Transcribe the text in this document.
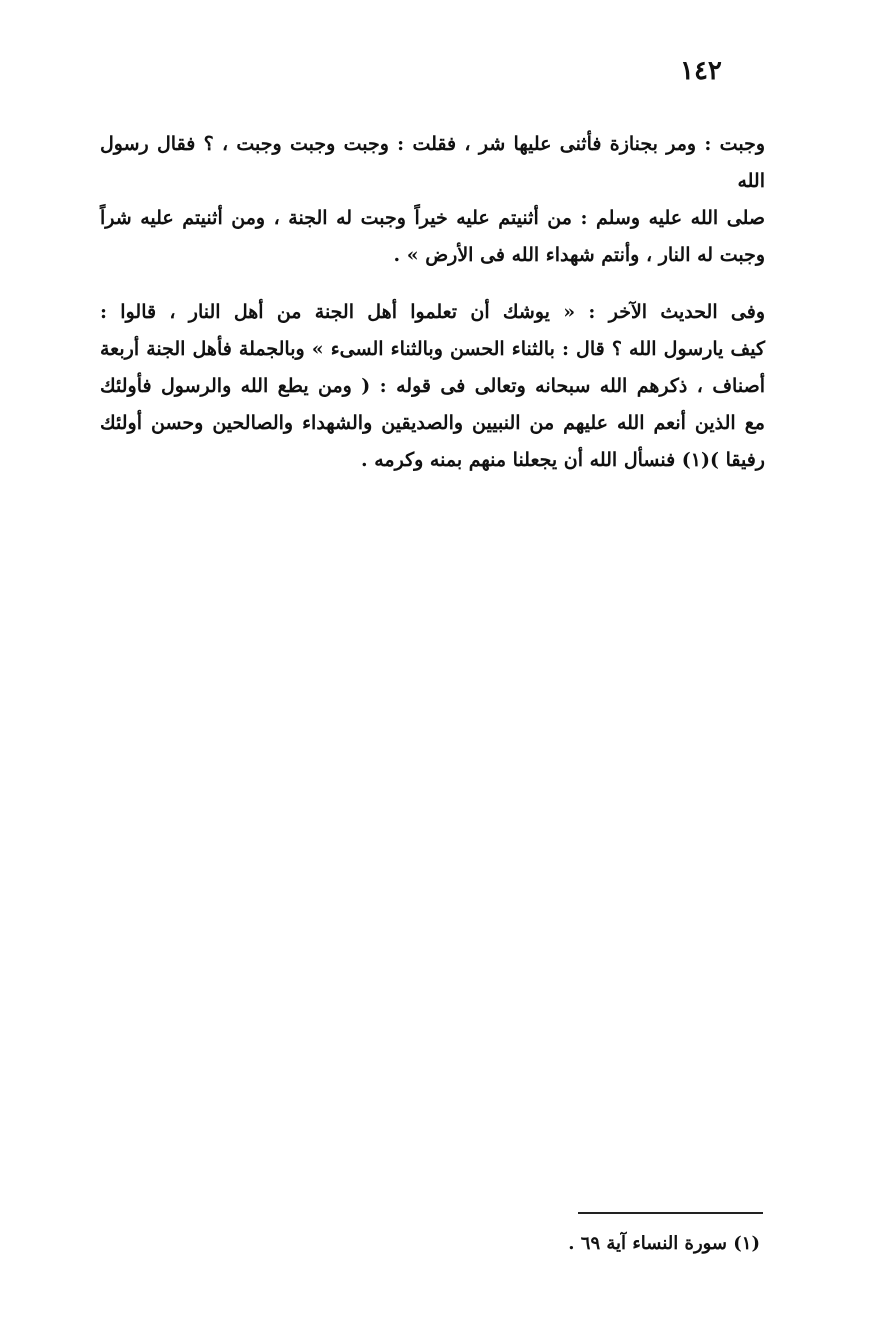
١٤٢

وجبت : ومر بجنازة فأثنى عليها شر ، فقلت : وجبت وجبت وجبت ، ؟ فقال رسول الله
صلى الله عليه وسلم : من أثنيتم عليه خيراً وجبت له الجنة ، ومن أثنيتم عليه شراً
وجبت له النار ، وأنتم شهداء الله فى الأرض » .

وفى الحديث الآخر : « يوشك أن تعلموا أهل الجنة من أهل النار ، قالوا :
كيف يارسول الله ؟ قال : بالثناء الحسن وبالثناء السىء » وبالجملة فأهل الجنة أربعة
أصناف ، ذكرهم الله سبحانه وتعالى فى قوله : ( ومن يطع الله والرسول فأولئك
مع الذين أنعم الله عليهم من النبيين والصديقين والشهداء والصالحين وحسن أولئك
رفيقا )(١) فنسأل الله أن يجعلنا منهم بمنه وكرمه .

(١) سورة النساء آية ٦٩ .
